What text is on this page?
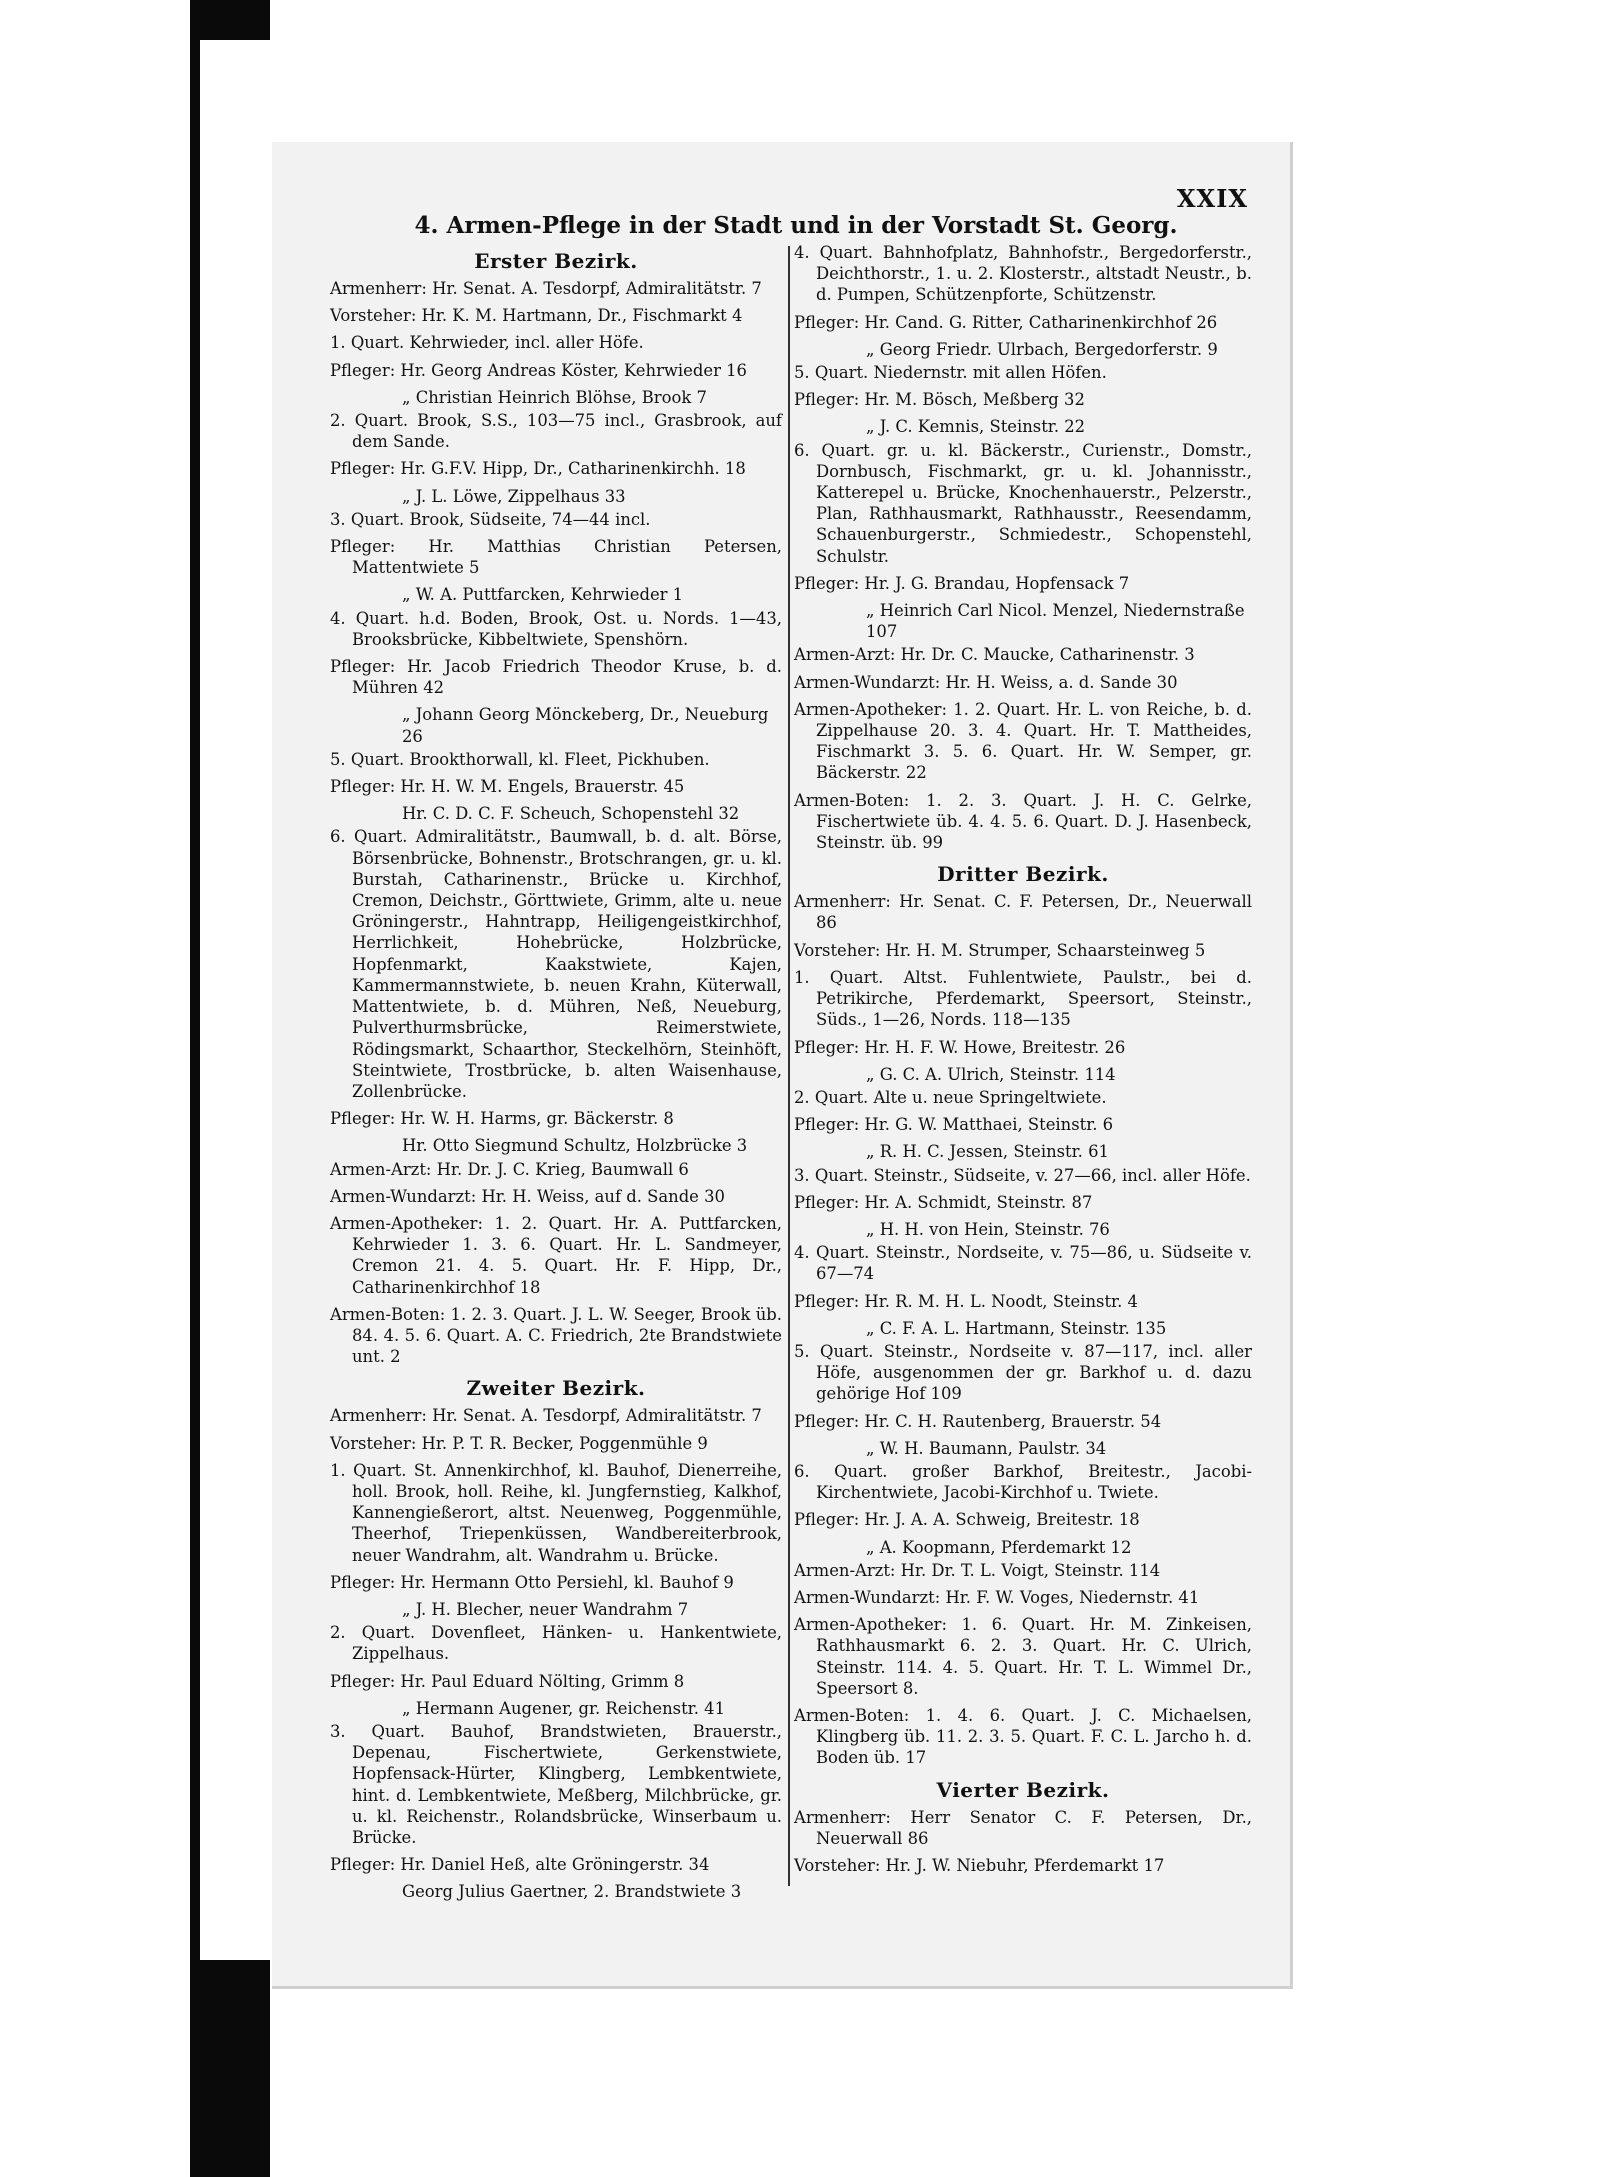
XXIX
4. Armen-Pflege in der Stadt und in der Vorstadt St. Georg.
Erster Bezirk.
Armenherr: Hr. Senat. A. Tesdorpf, Admiralitätstr. 7
Vorsteher: Hr. K. M. Hartmann, Dr., Fischmarkt 4
1. Quart. Kehrwieder, incl. aller Höfe.
Pfleger: Hr. Georg Andreas Köster, Kehrwieder 16
„ Christian Heinrich Blöhse, Brook 7
2. Quart. Brook, S.S., 103—75 incl., Grasbrook, auf dem Sande.
Pfleger: Hr. G.F.V. Hipp, Dr., Catharinenkirchh. 18
„ J. L. Löwe, Zippelhaus 33
3. Quart. Brook, Südseite, 74—44 incl.
Pfleger: Hr. Matthias Christian Petersen, Mattentwiete 5
„ W. A. Puttfarcken, Kehrwieder 1
4. Quart. h.d. Boden, Brook, Ost. u. Nords. 1—43, Brooksbrücke, Kibbeltwiete, Spenshörn.
Pfleger: Hr. Jacob Friedrich Theodor Kruse, b. d. Mühren 42
„ Johann Georg Mönckeberg, Dr., Neueburg 26
5. Quart. Brookthorwall, kl. Fleet, Pickhuben.
Pfleger: Hr. H. W. M. Engels, Brauerstr. 45
Hr. C. D. C. F. Scheuch, Schopenstehl 32
6. Quart. Admiralitätstr., Baumwall, b. d. alt. Börse, Börsenbrücke, Bohnenstr., Brotschrangen, gr. u. kl. Burstah, Catharinenstr., Brücke u. Kirchhof, Cremon, Deichstr., Görttwiete, Grimm, alte u. neue Gröningerstr., Hahntrapp, Heiligengeistkirchhof, Herrlichkeit, Hohebrücke, Holzbrücke, Hopfenmarkt, Kaakstwiete, Kajen, Kammermannstwiete, b. neuen Krahn, Küterwall, Mattentwiete, b. d. Mühren, Neß, Neueburg, Pulverthurmsbrücke, Reimerstwiete, Rödingsmarkt, Schaarthor, Steckelhörn, Steinhöft, Steintwiete, Trostbrücke, b. alten Waisenhause, Zollenbrücke.
Pfleger: Hr. W. H. Harms, gr. Bäckerstr. 8
Hr. Otto Siegmund Schultz, Holzbrücke 3
Armen-Arzt: Hr. Dr. J. C. Krieg, Baumwall 6
Armen-Wundarzt: Hr. H. Weiss, auf d. Sande 30
Armen-Apotheker: 1. 2. Quart. Hr. A. Puttfarcken, Kehrwieder 1. 3. 6. Quart. Hr. L. Sandmeyer, Cremon 21. 4. 5. Quart. Hr. F. Hipp, Dr., Catharinenkirchhof 18
Armen-Boten: 1. 2. 3. Quart. J. L. W. Seeger, Brook üb. 84. 4. 5. 6. Quart. A. C. Friedrich, 2te Brandstwiete unt. 2
Zweiter Bezirk.
Armenherr: Hr. Senat. A. Tesdorpf, Admiralitätstr. 7
Vorsteher: Hr. P. T. R. Becker, Poggenmühle 9
1. Quart. St. Annenkirchhof, kl. Bauhof, Dienerreihe, holl. Brook, holl. Reihe, kl. Jungfernstieg, Kalkhof, Kannengießerort, altst. Neuenweg, Poggenmühle, Theerhof, Triepenküssen, Wandbereiterbrook, neuer Wandrahm, alt. Wandrahm u. Brücke.
Pfleger: Hr. Hermann Otto Persiehl, kl. Bauhof 9
„ J. H. Blecher, neuer Wandrahm 7
2. Quart. Dovenfleet, Hänken- u. Hankentwiete, Zippelhaus.
Pfleger: Hr. Paul Eduard Nölting, Grimm 8
„ Hermann Augener, gr. Reichenstr. 41
3. Quart. Bauhof, Brandstwieten, Brauerstr., Depenau, Fischertwiete, Gerkenstwiete, Hopfensack-Hürter, Klingberg, Lembkentwiete, hint. d. Lembkentwiete, Meßberg, Milchbrücke, gr. u. kl. Reichenstr., Rolandsbrücke, Winserbaum u. Brücke.
Pfleger: Hr. Daniel Heß, alte Gröningerstr. 34
Georg Julius Gaertner, 2. Brandstwiete 3
4. Quart. Bahnhofplatz, Bahnhofstr., Bergedorferstr., Deichthorstr., 1. u. 2. Klosterstr., altstadt Neustr., b. d. Pumpen, Schützenpforte, Schützenstr.
Pfleger: Hr. Cand. G. Ritter, Catharinenkirchhof 26
„ Georg Friedr. Ulrbach, Bergedorferstr. 9
5. Quart. Niedernstr. mit allen Höfen.
Pfleger: Hr. M. Bösch, Meßberg 32
„ J. C. Kemnis, Steinstr. 22
6. Quart. gr. u. kl. Bäckerstr., Curienstr., Domstr., Dornbusch, Fischmarkt, gr. u. kl. Johannisstr., Katterepel u. Brücke, Knochenhauerstr., Pelzerstr., Plan, Rathhausmarkt, Rathhausstr., Reesendamm, Schauenburgerstr., Schmiedestr., Schopenstehl, Schulstr.
Pfleger: Hr. J. G. Brandau, Hopfensack 7
„ Heinrich Carl Nicol. Menzel, Niedernstraße 107
Armen-Arzt: Hr. Dr. C. Maucke, Catharinenstr. 3
Armen-Wundarzt: Hr. H. Weiss, a. d. Sande 30
Armen-Apotheker: 1. 2. Quart. Hr. L. von Reiche, b. d. Zippelhause 20. 3. 4. Quart. Hr. T. Mattheides, Fischmarkt 3. 5. 6. Quart. Hr. W. Semper, gr. Bäckerstr. 22
Armen-Boten: 1. 2. 3. Quart. J. H. C. Gelrke, Fischertwiete üb. 4. 4. 5. 6. Quart. D. J. Hasenbeck, Steinstr. üb. 99
Dritter Bezirk.
Armenherr: Hr. Senat. C. F. Petersen, Dr., Neuerwall 86
Vorsteher: Hr. H. M. Strumper, Schaarsteinweg 5
1. Quart. Altst. Fuhlentwiete, Paulstr., bei d. Petrikirche, Pferdemarkt, Speersort, Steinstr., Süds., 1—26, Nords. 118—135
Pfleger: Hr. H. F. W. Howe, Breitestr. 26
„ G. C. A. Ulrich, Steinstr. 114
2. Quart. Alte u. neue Springeltwiete.
Pfleger: Hr. G. W. Matthaei, Steinstr. 6
„ R. H. C. Jessen, Steinstr. 61
3. Quart. Steinstr., Südseite, v. 27—66, incl. aller Höfe.
Pfleger: Hr. A. Schmidt, Steinstr. 87
„ H. H. von Hein, Steinstr. 76
4. Quart. Steinstr., Nordseite, v. 75—86, u. Südseite v. 67—74
Pfleger: Hr. R. M. H. L. Noodt, Steinstr. 4
„ C. F. A. L. Hartmann, Steinstr. 135
5. Quart. Steinstr., Nordseite v. 87—117, incl. aller Höfe, ausgenommen der gr. Barkhof u. d. dazu gehörige Hof 109
Pfleger: Hr. C. H. Rautenberg, Brauerstr. 54
„ W. H. Baumann, Paulstr. 34
6. Quart. großer Barkhof, Breitestr., Jacobi-Kirchentwiete, Jacobi-Kirchhof u. Twiete.
Pfleger: Hr. J. A. A. Schweig, Breitestr. 18
„ A. Koopmann, Pferdemarkt 12
Armen-Arzt: Hr. Dr. T. L. Voigt, Steinstr. 114
Armen-Wundarzt: Hr. F. W. Voges, Niedernstr. 41
Armen-Apotheker: 1. 6. Quart. Hr. M. Zinkeisen, Rathhausmarkt 6. 2. 3. Quart. Hr. C. Ulrich, Steinstr. 114. 4. 5. Quart. Hr. T. L. Wimmel Dr., Speersort 8.
Armen-Boten: 1. 4. 6. Quart. J. C. Michaelsen, Klingberg üb. 11. 2. 3. 5. Quart. F. C. L. Jarcho h. d. Boden üb. 17
Vierter Bezirk.
Armenherr: Herr Senator C. F. Petersen, Dr., Neuerwall 86
Vorsteher: Hr. J. W. Niebuhr, Pferdemarkt 17
